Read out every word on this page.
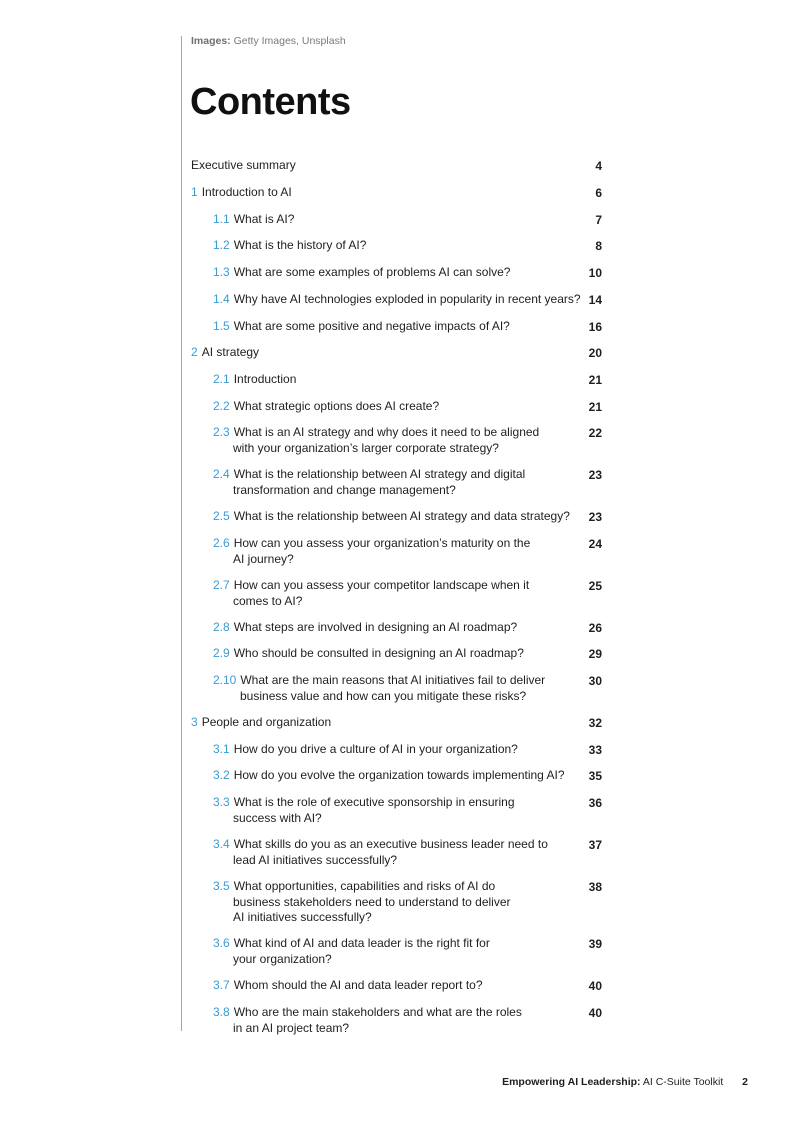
Images: Getty Images, Unsplash
Contents
Executive summary	4
1 Introduction to AI	6
1.1 What is AI?	7
1.2 What is the history of AI?	8
1.3 What are some examples of problems AI can solve?	10
1.4 Why have AI technologies exploded in popularity in recent years? 14
1.5 What are some positive and negative impacts of AI?	16
2 AI strategy	20
2.1 Introduction	21
2.2 What strategic options does AI create?	21
2.3 What is an AI strategy and why does it need to be aligned
with your organization’s larger corporate strategy?
22
2.4 What is the relationship between AI strategy and digital
transformation and change management?
23
2.5 What is the relationship between AI strategy and data strategy?	23
2.6 How can you assess your organization’s maturity on the
AI journey?
24
2.7 How can you assess your competitor landscape when it
comes to AI?
25
2.8 What steps are involved in designing an AI roadmap?	26
2.9 Who should be consulted in designing an AI roadmap?	29
2.10 What are the main reasons that AI initiatives fail to deliver
business value and how can you mitigate these risks?
30
3 People and organization	32
3.1 How do you drive a culture of AI in your organization?	33
3.2 How do you evolve the organization towards implementing AI?	35
3.3 What is the role of executive sponsorship in ensuring
success with AI?
36
3.4 What skills do you as an executive business leader need to
lead AI initiatives successfully?
37
3.5 What opportunities, capabilities and risks of AI do
business stakeholders need to understand to deliver
AI initiatives successfully?
38
3.6 What kind of AI and data leader is the right fit for
your organization?
39
3.7 Whom should the AI and data leader report to?	40
3.8 Who are the main stakeholders and what are the roles
in an AI project team?
40
Empowering AI Leadership: AI C-Suite Toolkit 2
